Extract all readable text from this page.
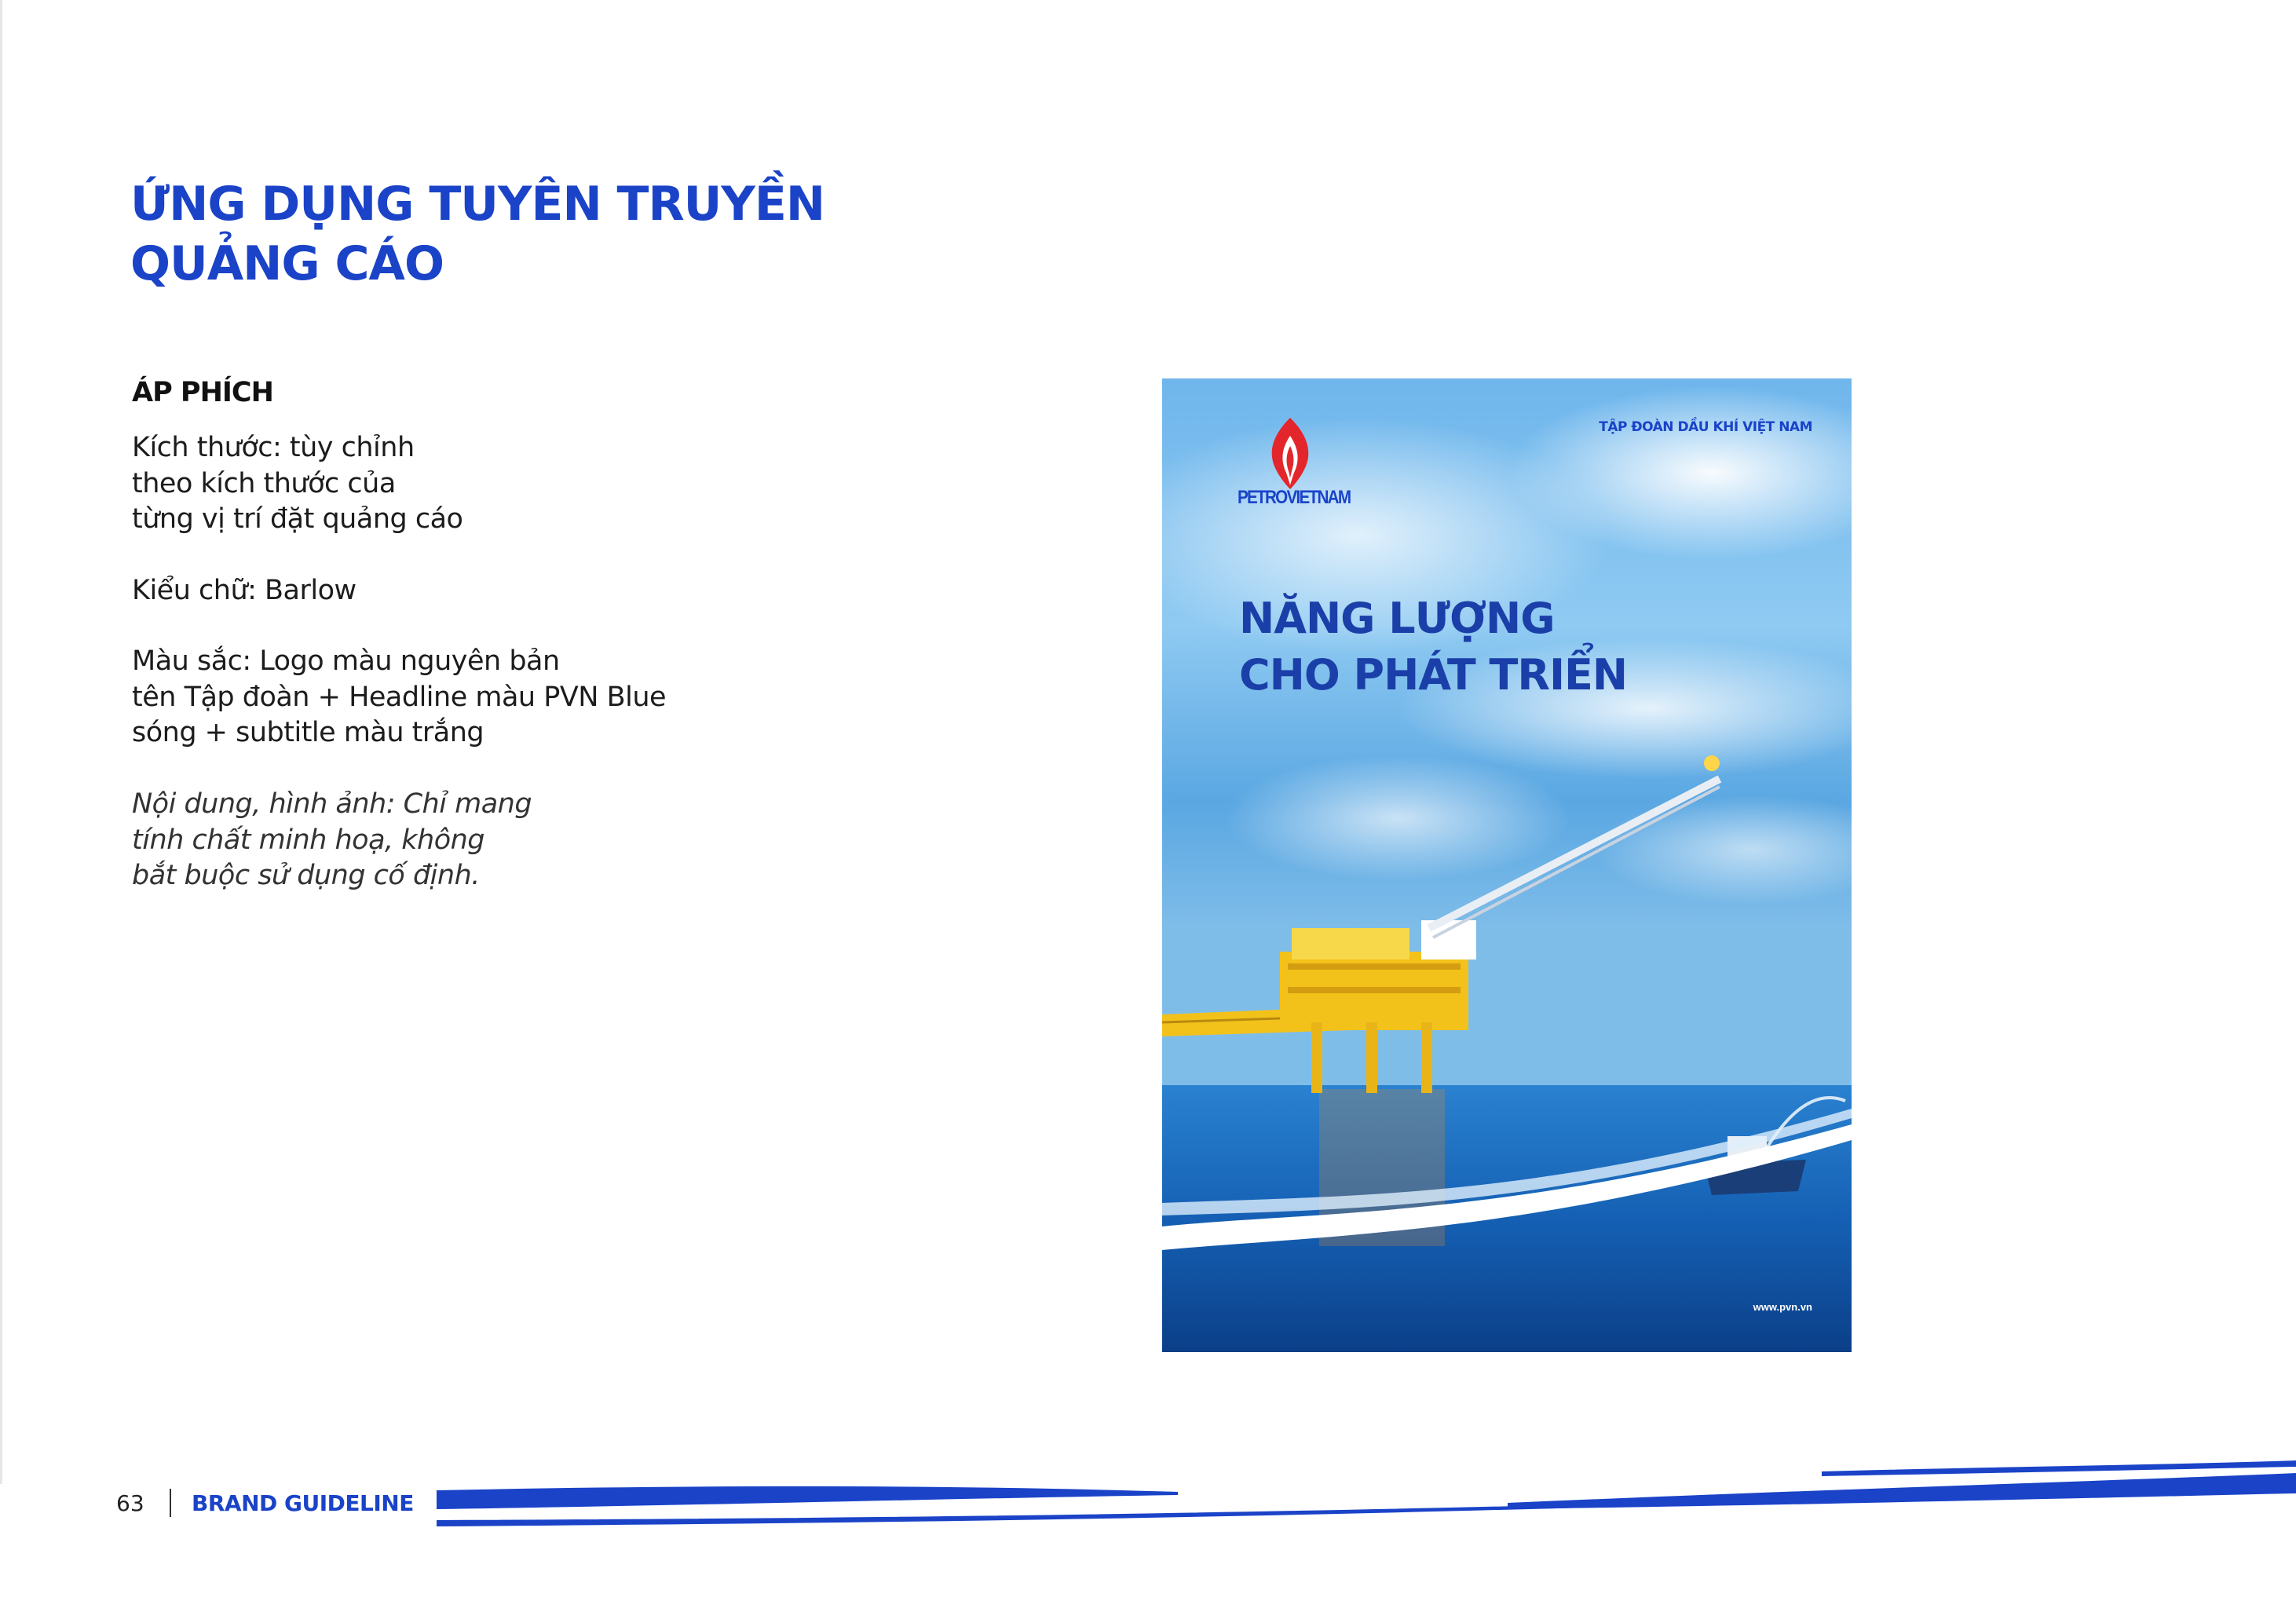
ỨNG DỤNG TUYÊN TRUYỀN
QUẢNG CÁO
ÁP PHÍCH

Kích thước: tùy chỉnh
theo kích thước của
từng vị trí đặt quảng cáo

Kiểu chữ: Barlow

Màu sắc: Logo màu nguyên bản
tên Tập đoàn + Headline màu PVN Blue
sóng + subtitle màu trắng

Nội dung, hình ảnh: Chỉ mang
tính chất minh hoạ, không
bắt buộc sử dụng cố định.

TẬP ĐOÀN DẦU KHÍ VIỆT NAM

PETROVIETNAM
NĂNG LƯỢNG
CHO PHÁT TRIỂN

www.pvn.vn

63 BRAND GUIDELINE
